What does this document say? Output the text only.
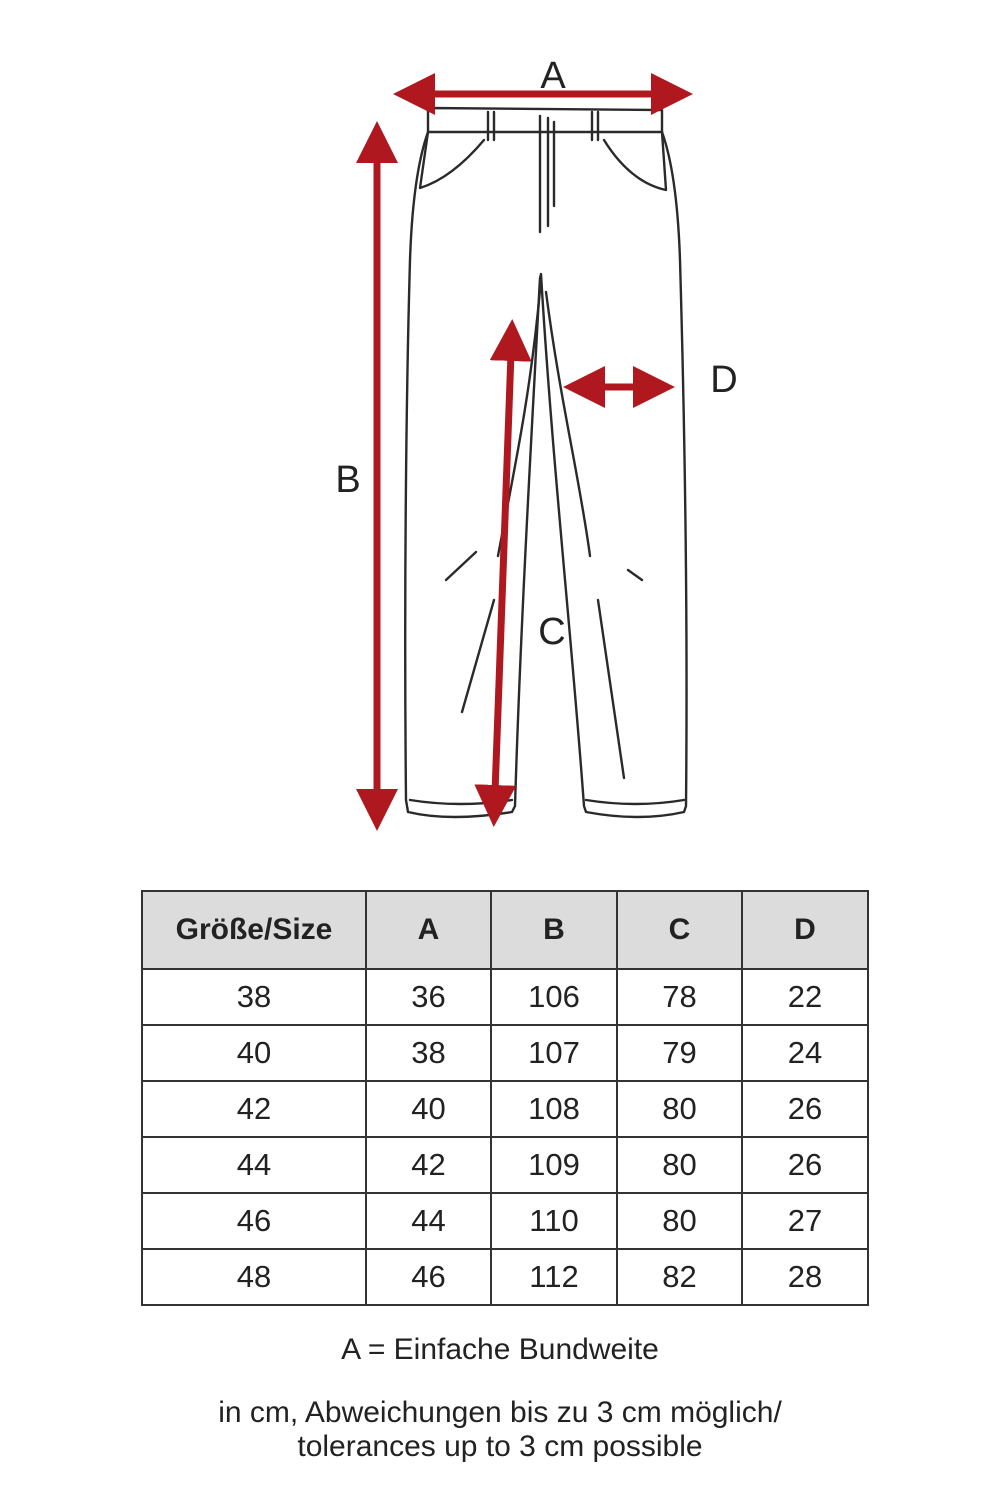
A
B
C
D
Größe/Size	A	B	C	D
38	36	106	78	22
40	38	107	79	24
42	40	108	80	26
44	42	109	80	26
46	44	110	80	27
48	46	112	82	28
A = Einfache Bundweite
in cm, Abweichungen bis zu 3 cm möglich/
tolerances up to 3 cm possible
